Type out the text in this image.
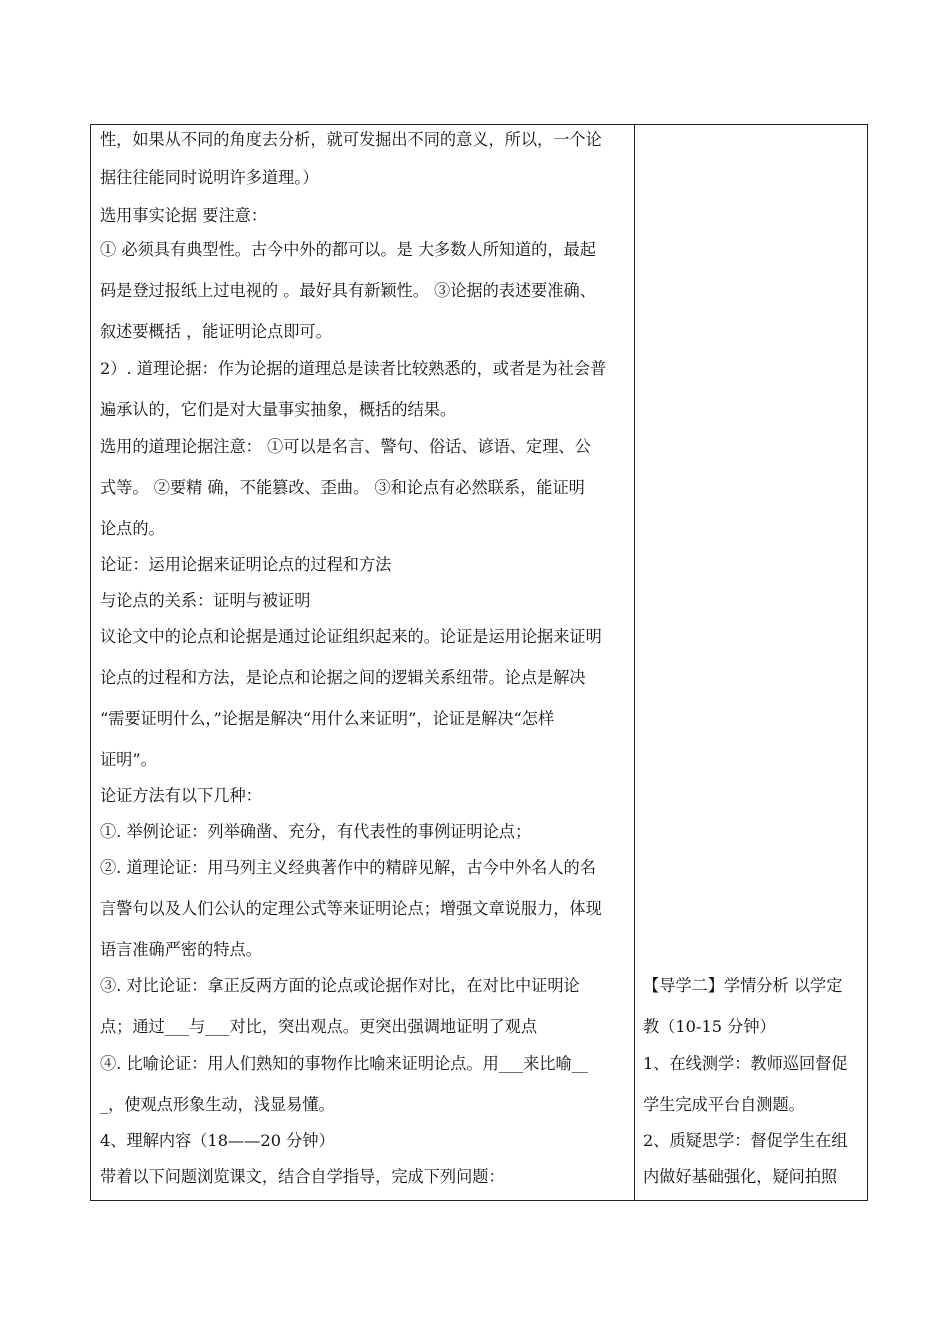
性，如果从不同的角度去分析，就可发掘出不同的意义，所以，一个论
据往往能同时说明许多道理。）
选用事实论据 要注意：
① 必须具有典型性。古今中外的都可以。是 大多数人所知道的，最起
码是登过报纸上过电视的 。最好具有新颖性。 ③论据的表述要准确、
叙述要概括 ，能证明论点即可。
2）. 道理论据：作为论据的道理总是读者比较熟悉的，或者是为社会普
遍承认的，它们是对大量事实抽象，概括的结果。
选用的道理论据注意： ①可以是名言、警句、俗话、谚语、定理、公
式等。 ②要精 确，不能篡改、歪曲。 ③和论点有必然联系，能证明
论点的。
论证：运用论据来证明论点的过程和方法
与论点的关系：证明与被证明
议论文中的论点和论据是通过论证组织起来的。论证是运用论据来证明
论点的过程和方法，是论点和论据之间的逻辑关系纽带。论点是解决
“需要证明什么，”论据是解决“用什么来证明”，论证是解决“怎样
证明”。
论证方法有以下几种：
①. 举例论证：列举确凿、充分，有代表性的事例证明论点；
②. 道理论证：用马列主义经典著作中的精辟见解，古今中外名人的名
言警句以及人们公认的定理公式等来证明论点；增强文章说服力，体现
语言准确严密的特点。
③. 对比论证：拿正反两方面的论点或论据作对比，在对比中证明论
点；通过___与___对比，突出观点。更突出强调地证明了观点
④. 比喻论证：用人们熟知的事物作比喻来证明论点。用___来比喻__
_，使观点形象生动，浅显易懂。
4、理解内容（18——20 分钟）
带着以下问题浏览课文，结合自学指导，完成下列问题：
【导学二】学情分析 以学定
教（10-15 分钟）
1、在线测学：教师巡回督促
学生完成平台自测题。
2、质疑思学：督促学生在组
内做好基础强化，疑问拍照
